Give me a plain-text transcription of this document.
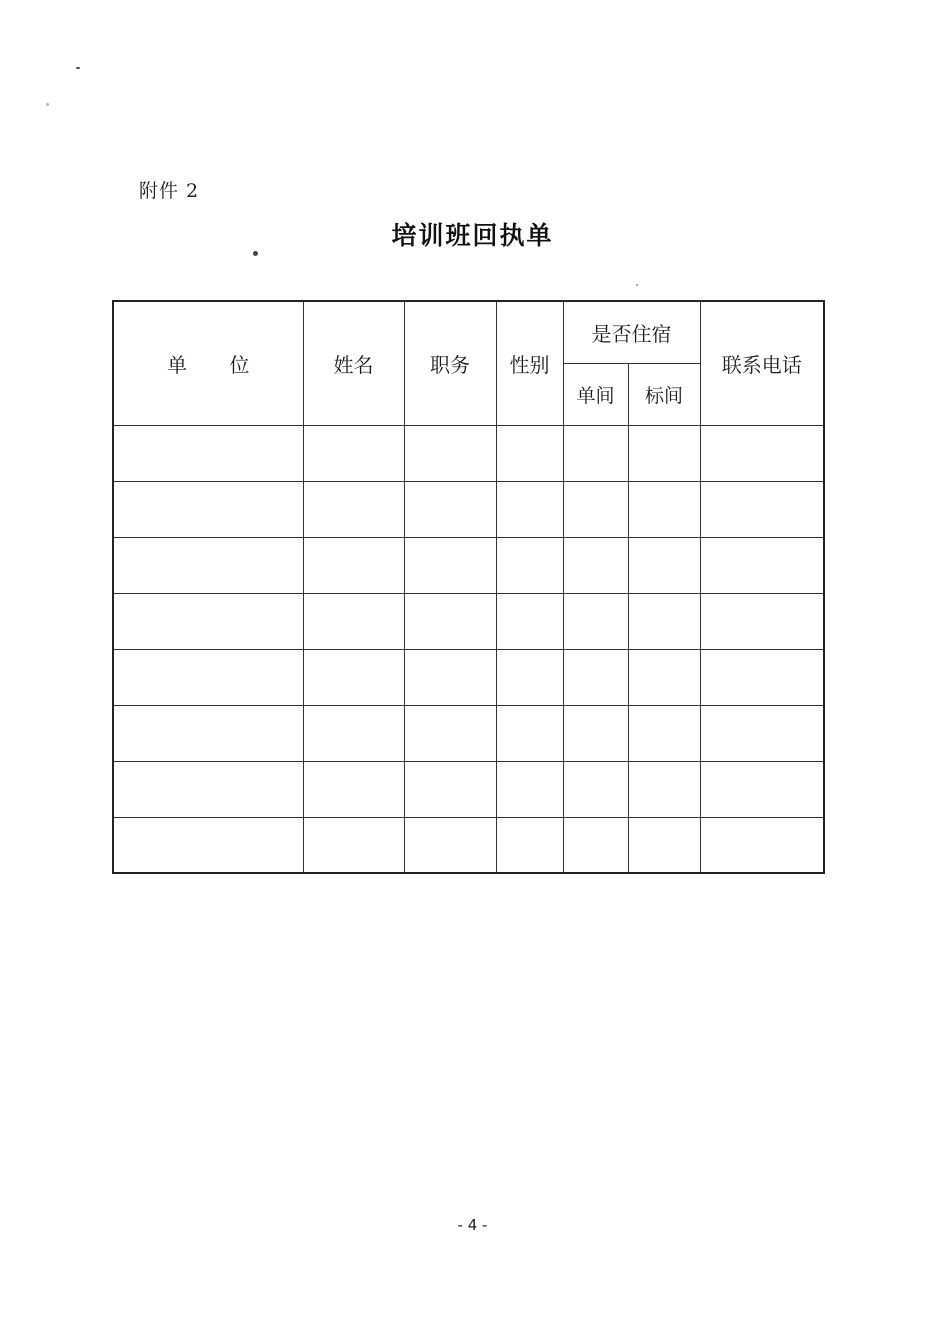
附件 2
培训班回执单
单 位	姓名	职务	性别	是否住宿		联系电话
				单间	标间	

- 4 -
